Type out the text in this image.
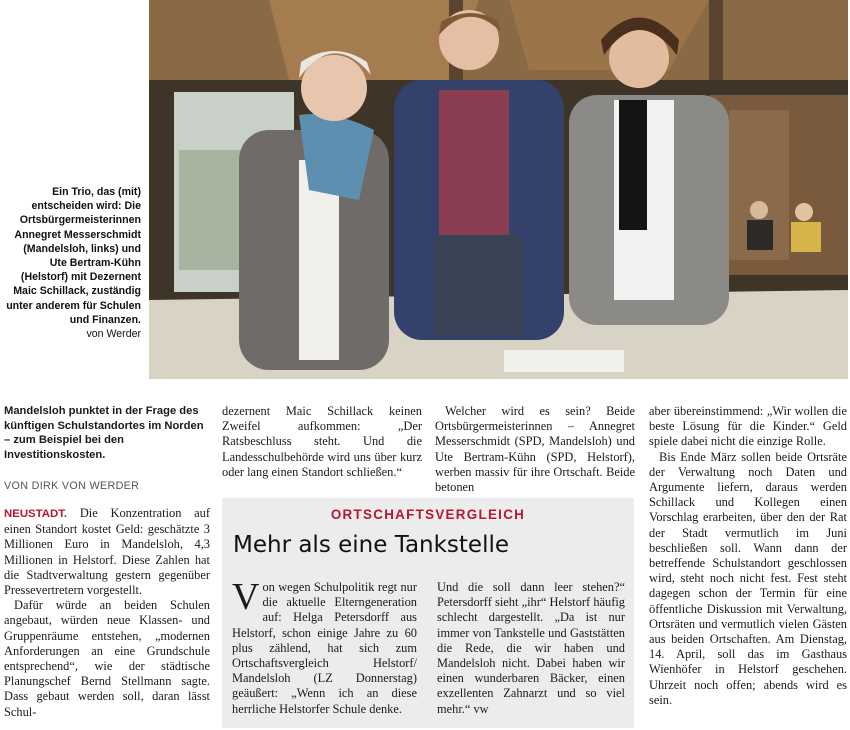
Ein Trio, das (mit) entscheiden wird: Die Ortsbürgermeisterinnen Annegret Messerschmidt (Mandelsloh, links) und Ute Bertram-Kühn (Helstorf) mit Dezernent Maic Schillack, zuständig unter anderem für Schulen und Finanzen.
von Werder
Mandelsloh punktet in der Frage des künftigen Schulstandortes im Norden – zum Beispiel bei den Investitionskosten.
VON DIRK VON WERDER

NEUSTADT. Die Konzentration auf einen Standort kostet Geld: geschätzte 3 Millionen Euro in Mandelsloh, 4,3 Millionen in Helstorf. Diese Zahlen hat die Stadtverwaltung gestern gegenüber Pressevertretern vorgestellt.

Dafür würde an beiden Schulen angebaut, würden neue Klassen- und Gruppenräume entstehen, „modernen Anforderungen an eine Grundschule entsprechend“, wie der städtische Planungschef Bernd Stellmann sagte. Dass gebaut werden soll, daran lässt Schul-

dezernent Maic Schillack keinen Zweifel aufkommen: „Der Ratsbeschluss steht. Und die Landesschulbehörde wird uns über kurz oder lang einen Standort schließen.“

Welcher wird es sein? Beide Ortsbürgermeisterinnen – Annegret Messerschmidt (SPD, Mandelsloh) und Ute Bertram-Kühn (SPD, Helstorf), werben massiv für ihre Ortschaft. Beide betonen

aber übereinstimmend: „Wir wollen die beste Lösung für die Kinder.“ Geld spiele dabei nicht die einzige Rolle.

Bis Ende März sollen beide Ortsräte der Verwaltung noch Daten und Argumente liefern, daraus werden Schillack und Kollegen einen Vorschlag erarbeiten, über den der Rat der Stadt vermutlich im Juni beschließen soll. Wann dann der betreffende Schulstandort geschlossen wird, steht noch nicht fest. Fest steht dagegen schon der Termin für eine öffentliche Diskussion mit Verwaltung, Ortsräten und vermutlich vielen Gästen aus beiden Ortschaften. Am Dienstag, 14. April, soll das im Gasthaus Wienhöfer in Helstorf geschehen. Uhrzeit noch offen; abends wird es sein.

ORTSCHAFTSVERGLEICH
Mehr als eine Tankstelle

Von wegen Schulpolitik regt nur die aktuelle Elterngeneration auf: Helga Petersdorff aus Helstorf, schon einige Jahre zu 60 plus zählend, hat sich zum Ortschaftsvergleich Helstorf/ Mandelsloh (LZ Donnerstag) geäußert: „Wenn ich an diese herrliche Helstorfer Schule denke.

Und die soll dann leer stehen?“ Petersdorff sieht „ihr“ Helstorf häufig schlecht dargestellt. „Da ist nur immer von Tankstelle und Gaststätten die Rede, die wir haben und Mandelsloh nicht. Dabei haben wir einen wunderbaren Bäcker, einen exzellenten Zahnarzt und so viel mehr.“ vw
